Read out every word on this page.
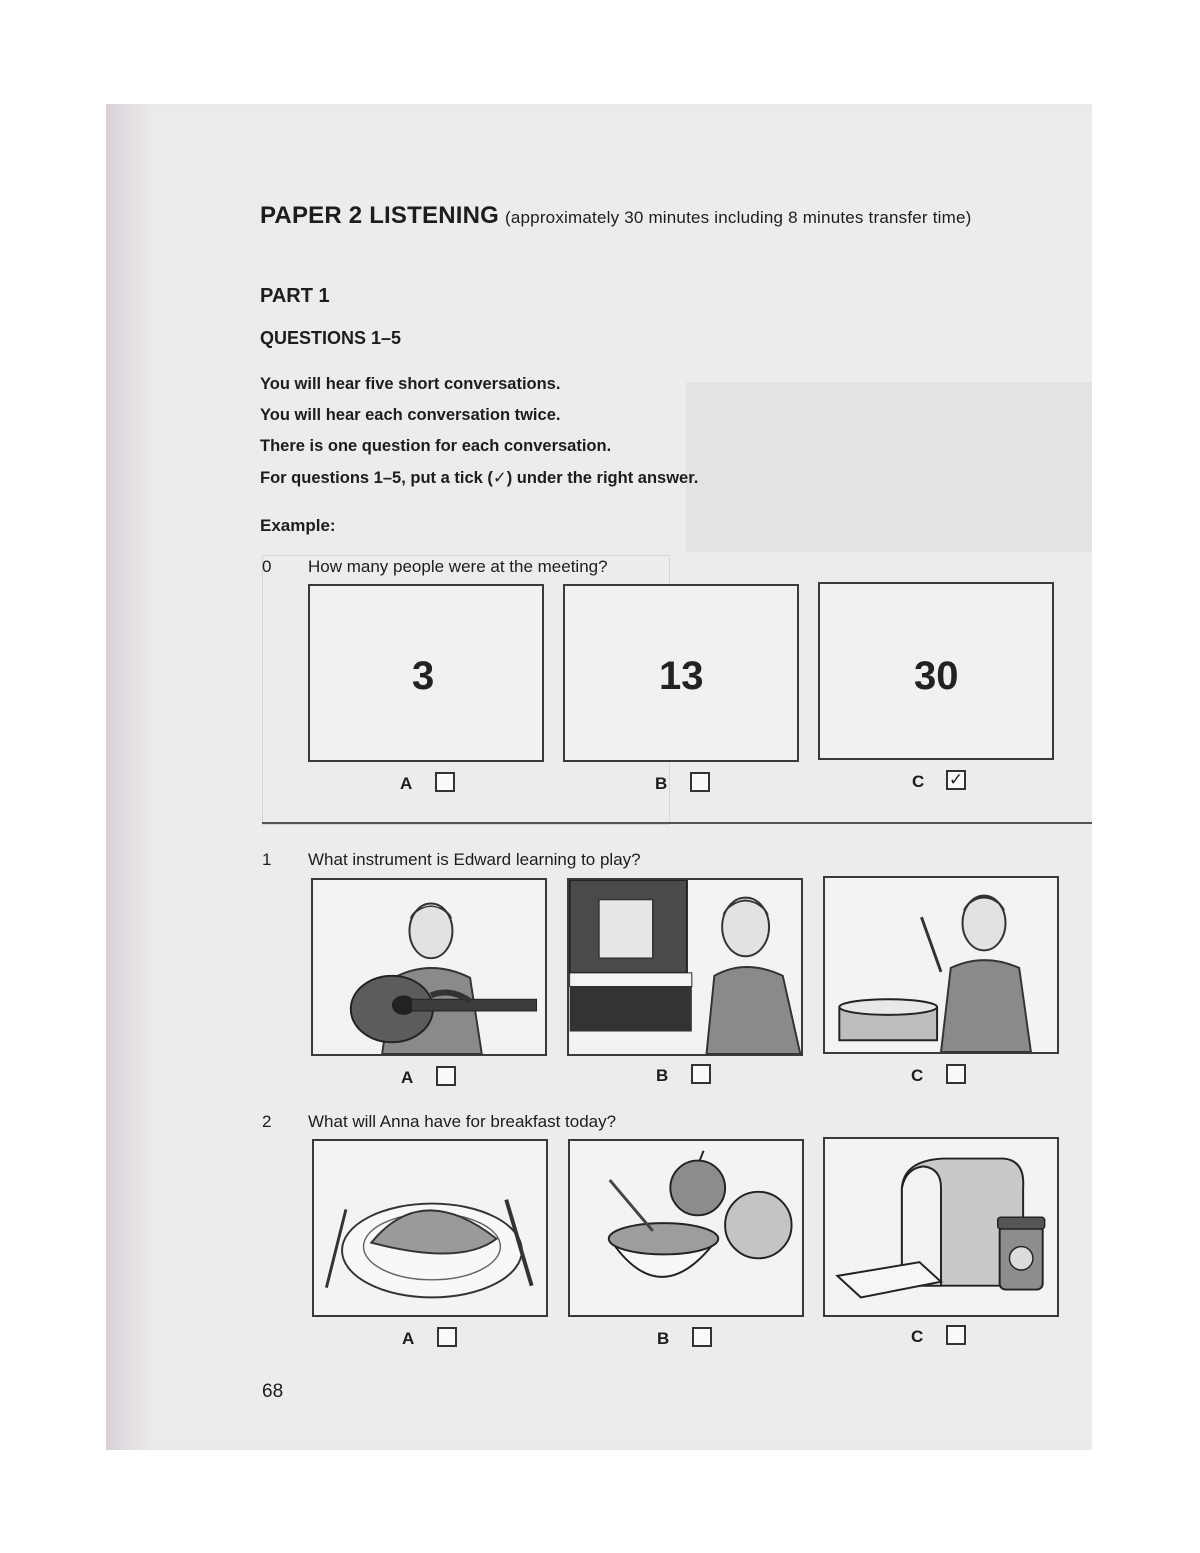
PAPER 2 LISTENING (approximately 30 minutes including 8 minutes transfer time)
PART 1
QUESTIONS 1–5
You will hear five short conversations.
You will hear each conversation twice.
There is one question for each conversation.
For questions 1–5, put a tick (✓) under the right answer.
Example:
0 How many people were at the meeting?
3	13	30
A	B	C ✓
1 What instrument is Edward learning to play?
A	B	C
2 What will Anna have for breakfast today?
A	B	C
68
